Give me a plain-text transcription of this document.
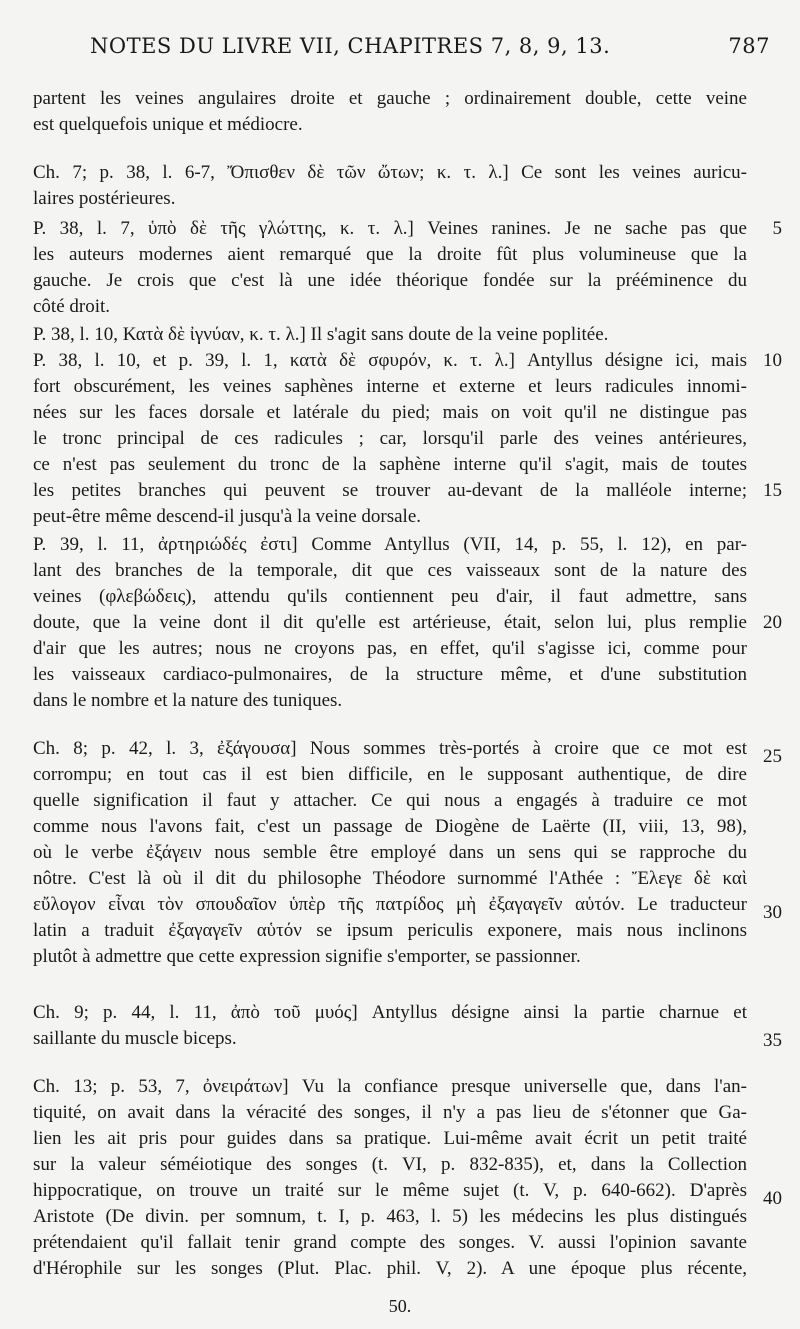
NOTES DU LIVRE VII, CHAPITRES 7, 8, 9, 13.	787
partent les veines angulaires droite et gauche ; ordinairement double, cette veine
est quelquefois unique et médiocre.
Ch. 7; p. 38, l. 6-7, Ὄπισθεν δὲ τῶν ὤτων; κ. τ. λ.] Ce sont les veines auricu-
laires postérieures.
P. 38, l. 7, ὑπὸ δὲ τῆς γλώττης, κ. τ. λ.] Veines ranines. Je ne sache pas que
les auteurs modernes aient remarqué que la droite fût plus volumineuse que la
gauche. Je crois que c'est là une idée théorique fondée sur la prééminence du
côté droit.
P. 38, l. 10, Κατὰ δὲ ἰγνύαν, κ. τ. λ.] Il s'agit sans doute de la veine poplitée.
P. 38, l. 10, et p. 39, l. 1, κατὰ δὲ σφυρόν, κ. τ. λ.] Antyllus désigne ici, mais
fort obscurément, les veines saphènes interne et externe et leurs radicules innomi-
nées sur les faces dorsale et latérale du pied; mais on voit qu'il ne distingue pas
le tronc principal de ces radicules ; car, lorsqu'il parle des veines antérieures,
ce n'est pas seulement du tronc de la saphène interne qu'il s'agit, mais de toutes
les petites branches qui peuvent se trouver au-devant de la malléole interne;
peut-être même descend-il jusqu'à la veine dorsale.
P. 39, l. 11, ἀρτηριώδές ἐστι] Comme Antyllus (VII, 14, p. 55, l. 12), en par-
lant des branches de la temporale, dit que ces vaisseaux sont de la nature des
veines (φλεβώδεις), attendu qu'ils contiennent peu d'air, il faut admettre, sans
doute, que la veine dont il dit qu'elle est artérieuse, était, selon lui, plus remplie
d'air que les autres; nous ne croyons pas, en effet, qu'il s'agisse ici, comme pour
les vaisseaux cardiaco-pulmonaires, de la structure même, et d'une substitution
dans le nombre et la nature des tuniques.
Ch. 8; p. 42, l. 3, ἐξάγουσα] Nous sommes très-portés à croire que ce mot est
corrompu; en tout cas il est bien difficile, en le supposant authentique, de dire
quelle signification il faut y attacher. Ce qui nous a engagés à traduire ce mot
comme nous l'avons fait, c'est un passage de Diogène de Laërte (II, viii, 13, 98),
où le verbe ἐξάγειν nous semble être employé dans un sens qui se rapproche du
nôtre. C'est là où il dit du philosophe Théodore surnommé l'Athée : Ἔλεγε δὲ καὶ
εὔλογον εἶναι τὸν σπουδαῖον ὑπὲρ τῆς πατρίδος μὴ ἐξαγαγεῖν αὑτόν. Le traducteur
latin a traduit ἐξαγαγεῖν αὑτόν se ipsum periculis exponere, mais nous inclinons
plutôt à admettre que cette expression signifie s'emporter, se passionner.
Ch. 9; p. 44, l. 11, ἀπὸ τοῦ μυός] Antyllus désigne ainsi la partie charnue et
saillante du muscle biceps.
Ch. 13; p. 53, 7, ὀνειράτων] Vu la confiance presque universelle que, dans l'an-
tiquité, on avait dans la véracité des songes, il n'y a pas lieu de s'étonner que Ga-
lien les ait pris pour guides dans sa pratique. Lui-même avait écrit un petit traité
sur la valeur séméiotique des songes (t. VI, p. 832-835), et, dans la Collection
hippocratique, on trouve un traité sur le même sujet (t. V, p. 640-662). D'après
Aristote (De divin. per somnum, t. I, p. 463, l. 5) les médecins les plus distingués
prétendaient qu'il fallait tenir grand compte des songes. V. aussi l'opinion savante
d'Hérophile sur les songes (Plut. Plac. phil. V, 2). A une époque plus récente,
5
10
15
20
25
30
35
40
50.
